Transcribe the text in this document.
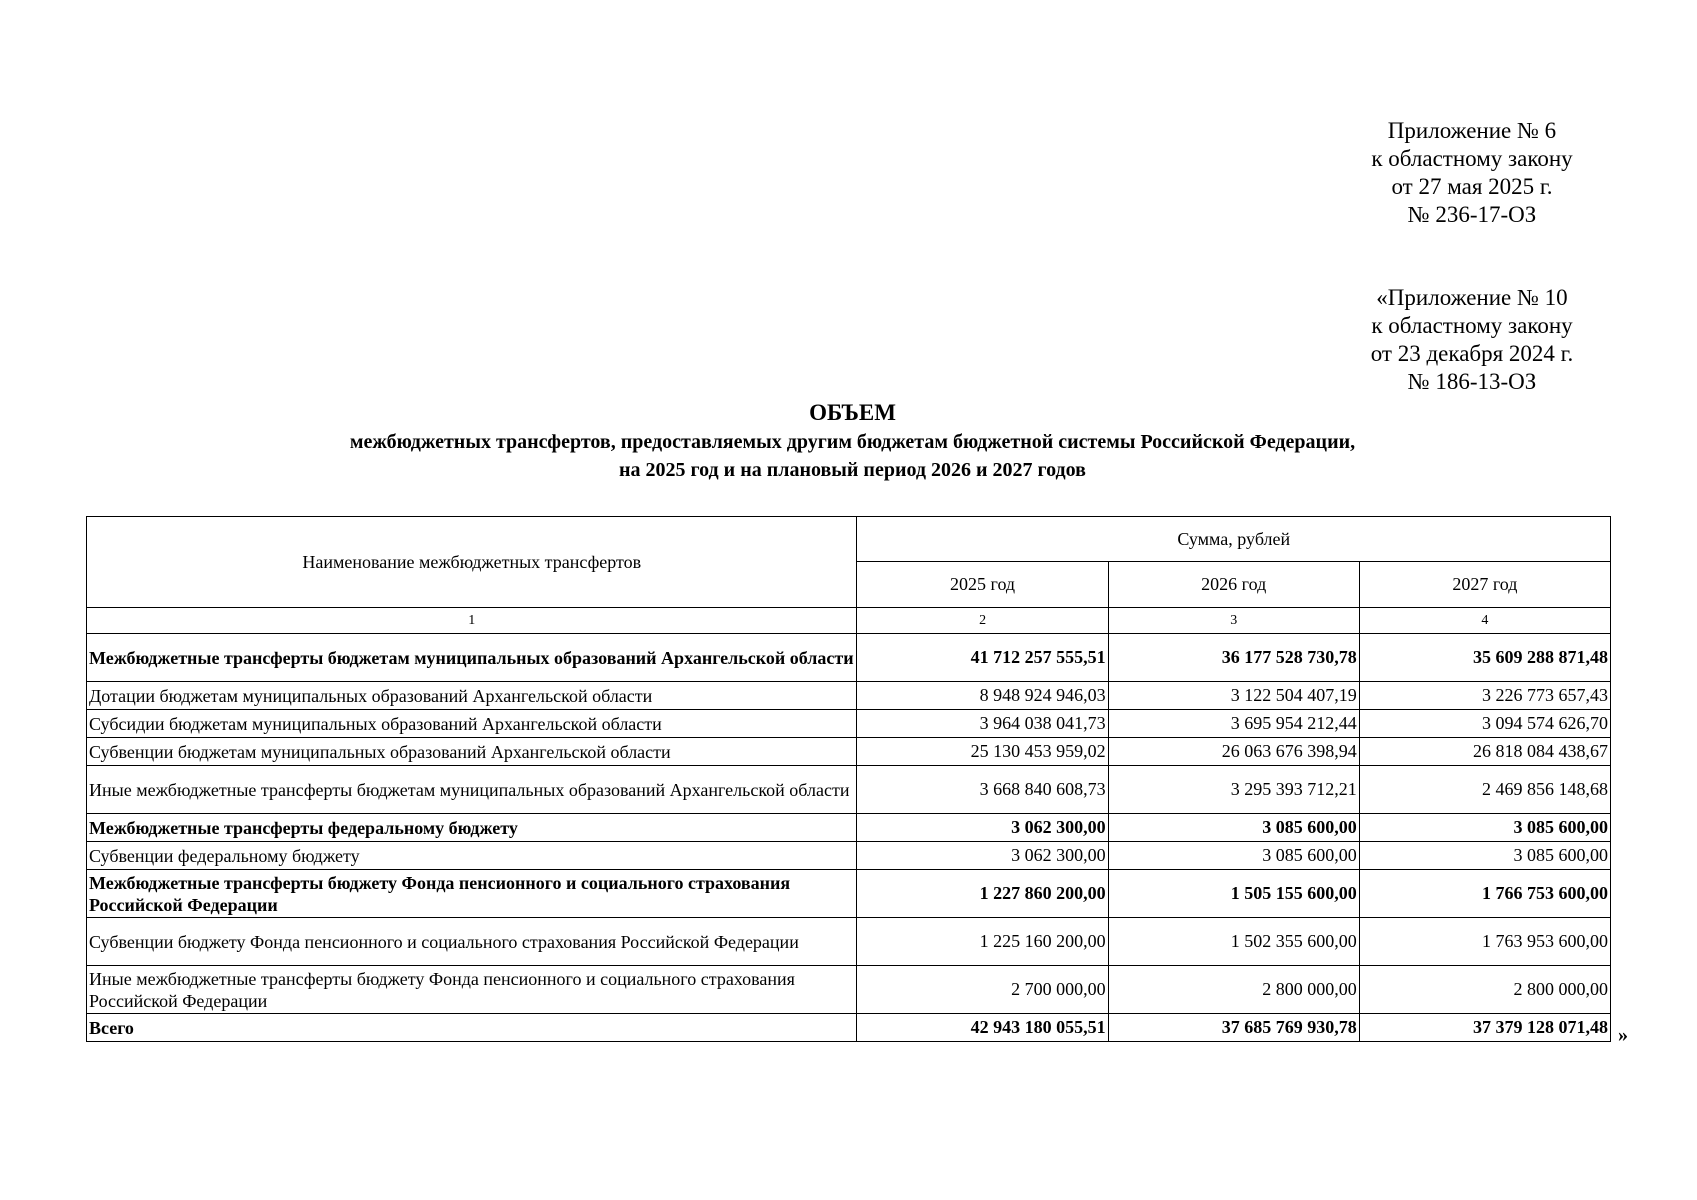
Приложение № 6
к областному закону
от 27 мая 2025 г.
№ 236-17-ОЗ
«Приложение № 10
к областному закону
от 23 декабря 2024 г.
№ 186-13-ОЗ
ОБЪЕМ
межбюджетных трансфертов, предоставляемых другим бюджетам бюджетной системы Российской Федерации,
на 2025 год и на плановый период 2026 и 2027 годов
Наименование межбюджетных трансфертов	Сумма, рублей		
	2025 год	2026 год	2027 год
1	2	3	4
Межбюджетные трансферты бюджетам муниципальных образований Архангельской области	41 712 257 555,51	36 177 528 730,78	35 609 288 871,48
Дотации бюджетам муниципальных образований Архангельской области	8 948 924 946,03	3 122 504 407,19	3 226 773 657,43
Субсидии бюджетам муниципальных образований Архангельской области	3 964 038 041,73	3 695 954 212,44	3 094 574 626,70
Субвенции бюджетам муниципальных образований Архангельской области	25 130 453 959,02	26 063 676 398,94	26 818 084 438,67
Иные межбюджетные трансферты бюджетам муниципальных образований Архангельской области	3 668 840 608,73	3 295 393 712,21	2 469 856 148,68
Межбюджетные трансферты федеральному бюджету	3 062 300,00	3 085 600,00	3 085 600,00
Субвенции федеральному бюджету	3 062 300,00	3 085 600,00	3 085 600,00
Межбюджетные трансферты бюджету Фонда пенсионного и социального страхования Российской Федерации	1 227 860 200,00	1 505 155 600,00	1 766 753 600,00
Субвенции бюджету Фонда пенсионного и социального страхования Российской Федерации	1 225 160 200,00	1 502 355 600,00	1 763 953 600,00
Иные межбюджетные трансферты бюджету Фонда пенсионного и социального страхования Российской Федерации	2 700 000,00	2 800 000,00	2 800 000,00
Всего	42 943 180 055,51	37 685 769 930,78	37 379 128 071,48 »
